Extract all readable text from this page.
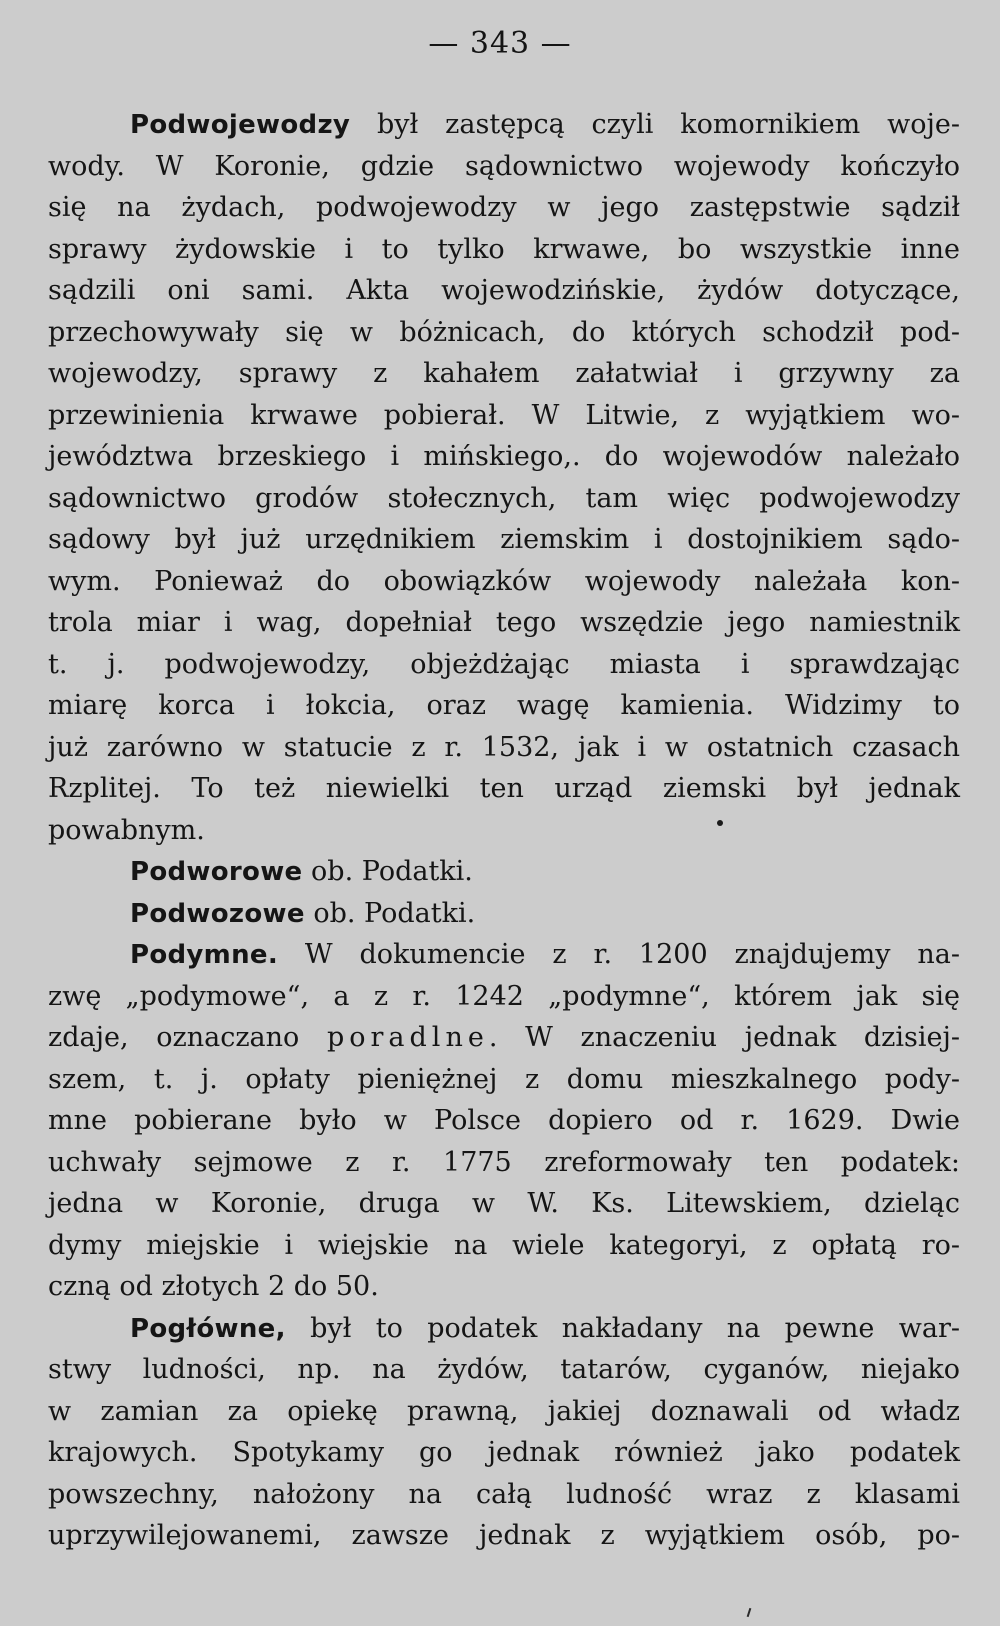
— 343 —
Podwojewodzy był zastępcą czyli komornikiem woje-
wody. W Koronie, gdzie sądownictwo wojewody kończyło
się na żydach, podwojewodzy w jego zastępstwie sądził
sprawy żydowskie i to tylko krwawe, bo wszystkie inne
sądzili oni sami. Akta wojewodzińskie, żydów dotyczące,
przechowywały się w bóżnicach, do których schodził pod-
wojewodzy, sprawy z kahałem załatwiał i grzywny za
przewinienia krwawe pobierał. W Litwie, z wyjątkiem wo-
jewództwa brzeskiego i mińskiego,. do wojewodów należało
sądownictwo grodów stołecznych, tam więc podwojewodzy
sądowy był już urzędnikiem ziemskim i dostojnikiem sądo-
wym. Ponieważ do obowiązków wojewody należała kon-
trola miar i wag, dopełniał tego wszędzie jego namiestnik
t. j. podwojewodzy, objeżdżając miasta i sprawdzając
miarę korca i łokcia, oraz wagę kamienia. Widzimy to
już zarówno w statucie z r. 1532, jak i w ostatnich czasach
Rzplitej. To też niewielki ten urząd ziemski był jednak
powabnym.
Podworowe ob. Podatki.
Podwozowe ob. Podatki.
Podymne. W dokumencie z r. 1200 znajdujemy na-
zwę „podymowe“, a z r. 1242 „podymne“, którem jak się
zdaje, oznaczano poradlne. W znaczeniu jednak dzisiej-
szem, t. j. opłaty pieniężnej z domu mieszkalnego pody-
mne pobierane było w Polsce dopiero od r. 1629. Dwie
uchwały sejmowe z r. 1775 zreformowały ten podatek:
jedna w Koronie, druga w W. Ks. Litewskiem, dzieląc
dymy miejskie i wiejskie na wiele kategoryi, z opłatą ro-
czną od złotych 2 do 50.
Pogłówne, był to podatek nakładany na pewne war-
stwy ludności, np. na żydów, tatarów, cyganów, niejako
w zamian za opiekę prawną, jakiej doznawali od władz
krajowych. Spotykamy go jednak również jako podatek
powszechny, nałożony na całą ludność wraz z klasami
uprzywilejowanemi, zawsze jednak z wyjątkiem osób, po-
